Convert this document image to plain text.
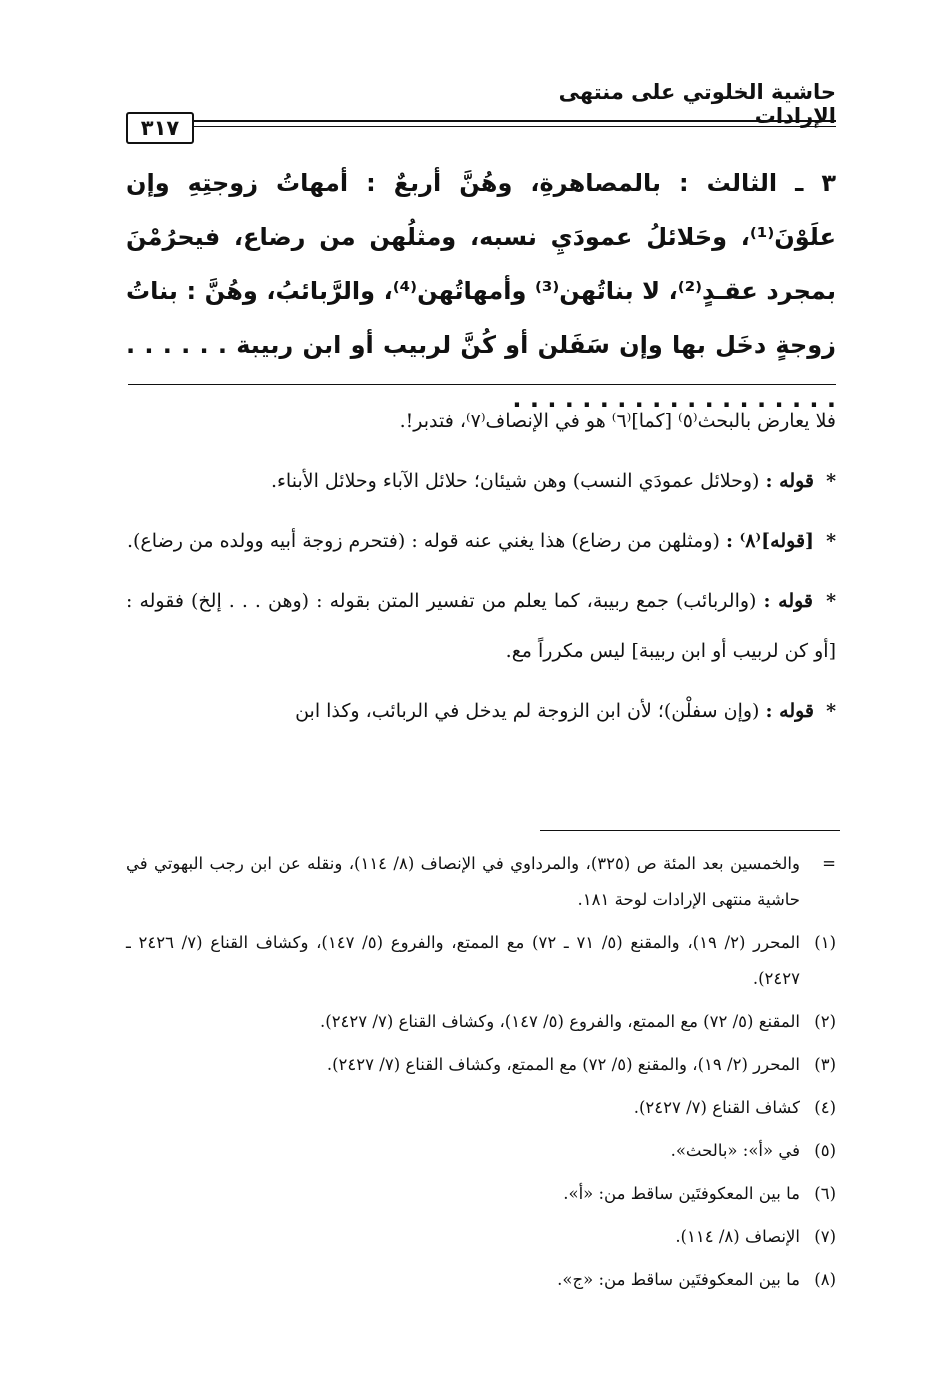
حاشية الخلوتي على منتهى الإرادات
٣١٧
٣ ـ الثالث : بالمصاهرةِ، وهُنَّ أربعٌ : أمهاتُ زوجتِهِ وإن علَوْنَ⁽¹⁾، وحَلائلُ عمودَيِ نسبه، ومثلُهن من رضاع، فيحرُمْنَ بمجرد عقـدٍ⁽²⁾، لا بناتُهن⁽³⁾ وأمهاتُهن⁽⁴⁾، والرَّبائبُ، وهُنَّ : بناتُ زوجةٍ دخَل بها وإن سَفَلن أو كُنَّ لربيب أو ابن ربيبة . . . . . . . . . . . . . . . . . . . . . . . . .

فلا يعارض بالبحث⁽٥⁾ [كما]⁽٦⁾ هو في الإنصاف⁽٧⁾، فتدبر!.

* قوله : (وحلائل عمودَي النسب) وهن شيئان؛ حلائل الآباء وحلائل الأبناء.

* [قوله]⁽٨⁾ : (ومثلهن من رضاع) هذا يغني عنه قوله : (فتحرم زوجة أبيه وولده من رضاع).

* قوله : (والربائب) جمع ربيبة، كما يعلم من تفسير المتن بقوله : (وهن . . . إلخ) فقوله : [أو كن لربيب أو ابن ربيبة] ليس مكرراً مع.

* قوله : (وإن سفلْن)؛ لأن ابن الزوجة لم يدخل في الربائب، وكذا ابن

=
والخمسين بعد المئة ص (٣٢٥)، والمرداوي في الإنصاف (٨/ ١١٤)، ونقله عن ابن رجب البهوتي في حاشية منتهى الإرادات لوحة ١٨١.
(١)
المحرر (٢/ ١٩)، والمقنع (٥/ ٧١ ـ ٧٢) مع الممتع، والفروع (٥/ ١٤٧)، وكشاف القناع (٧/ ٢٤٢٦ ـ ٢٤٢٧).
(٢)
المقنع (٥/ ٧٢) مع الممتع، والفروع (٥/ ١٤٧)، وكشاف القناع (٧/ ٢٤٢٧).
(٣)
المحرر (٢/ ١٩)، والمقنع (٥/ ٧٢) مع الممتع، وكشاف القناع (٧/ ٢٤٢٧).
(٤)
كشاف القناع (٧/ ٢٤٢٧).
(٥)
في «أ»: «بالحث».
(٦)
ما بين المعكوفتَين ساقط من: «أ».
(٧)
الإنصاف (٨/ ١١٤).
(٨)
ما بين المعكوفتَين ساقط من: «ج».
